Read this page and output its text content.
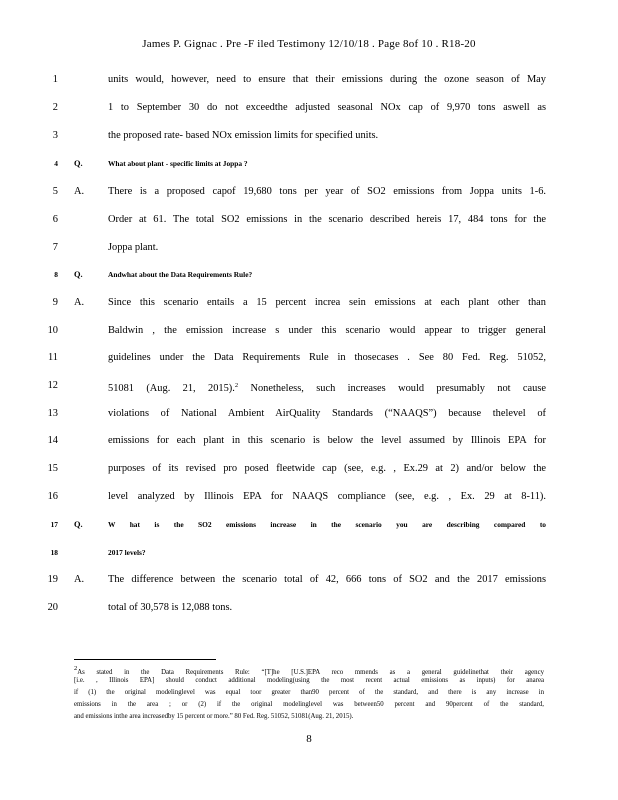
James P. Gignac . Pre -F iled Testimony 12/10/18 . Page 8of 10 . R18-20
1	units would, however, need to ensure that their emissions during the ozone season of May
2	1 to September 30 do not exceedthe adjusted seasonal NOx cap of 9,970 tons aswell as
3	the proposed rate- based NOx emission limits for specified units.
4 Q.	What about plant - specific limits at Joppa ?
5 A. There is a proposed capof 19,680 tons per year of SO2 emissions from Joppa units 1-6.
6	Order at 61. The total SO2 emissions in the scenario described hereis 17, 484 tons for the
7	Joppa plant.
8 Q.	Andwhat about the Data Requirements Rule?
9 A. Since this scenario entails a 15 percent increa sein emissions at each plant other than
10	Baldwin , the emission increase s under this scenario would appear to trigger general
11	guidelines under the Data Requirements Rule in thosecases . See 80 Fed. Reg. 51052,
12	51081 (Aug. 21, 2015).$^2$ Nonetheless, such increases would presumably not cause
13	violations of National Ambient AirQuality Standards (“NAAQS”) because thelevel of
14	emissions for each plant in this scenario is below the level assumed by Illinois EPA for
15	purposes of its revised pro posed fleetwide cap (see, e.g. , Ex.29 at 2) and/or below the
16	level analyzed by Illinois EPA for NAAQS compliance (see, e.g. , Ex. 29 at 8-11).
17 Q.	W hat is the SO2 emissions increase in the scenario you are describing compared to
18	2017 levels?
19 A. The difference between the scenario total of 42, 666 tons of SO2 and the 2017 emissions
20	total of 30,578 is 12,088 tons.
$^2$As stated in the Data Requirements Rule: “[T]he [U.S.]EPA reco mmends as a general guidelinethat their agency
[i.e. , Illinois EPA] should conduct additional modeling(using the most recent actual emissions as inputs) for anarea
if (1) the original modelinglevel was equal toor greater than90 percent of the standard, and there is any increase in
emissions in the area ; or (2) if the original modelinglevel was between50 percent and 90percent of the standard,
and emissions inthe area increasedby 15 percent or more.” 80 Fed. Reg. 51052, 51081(Aug. 21, 2015).
8
